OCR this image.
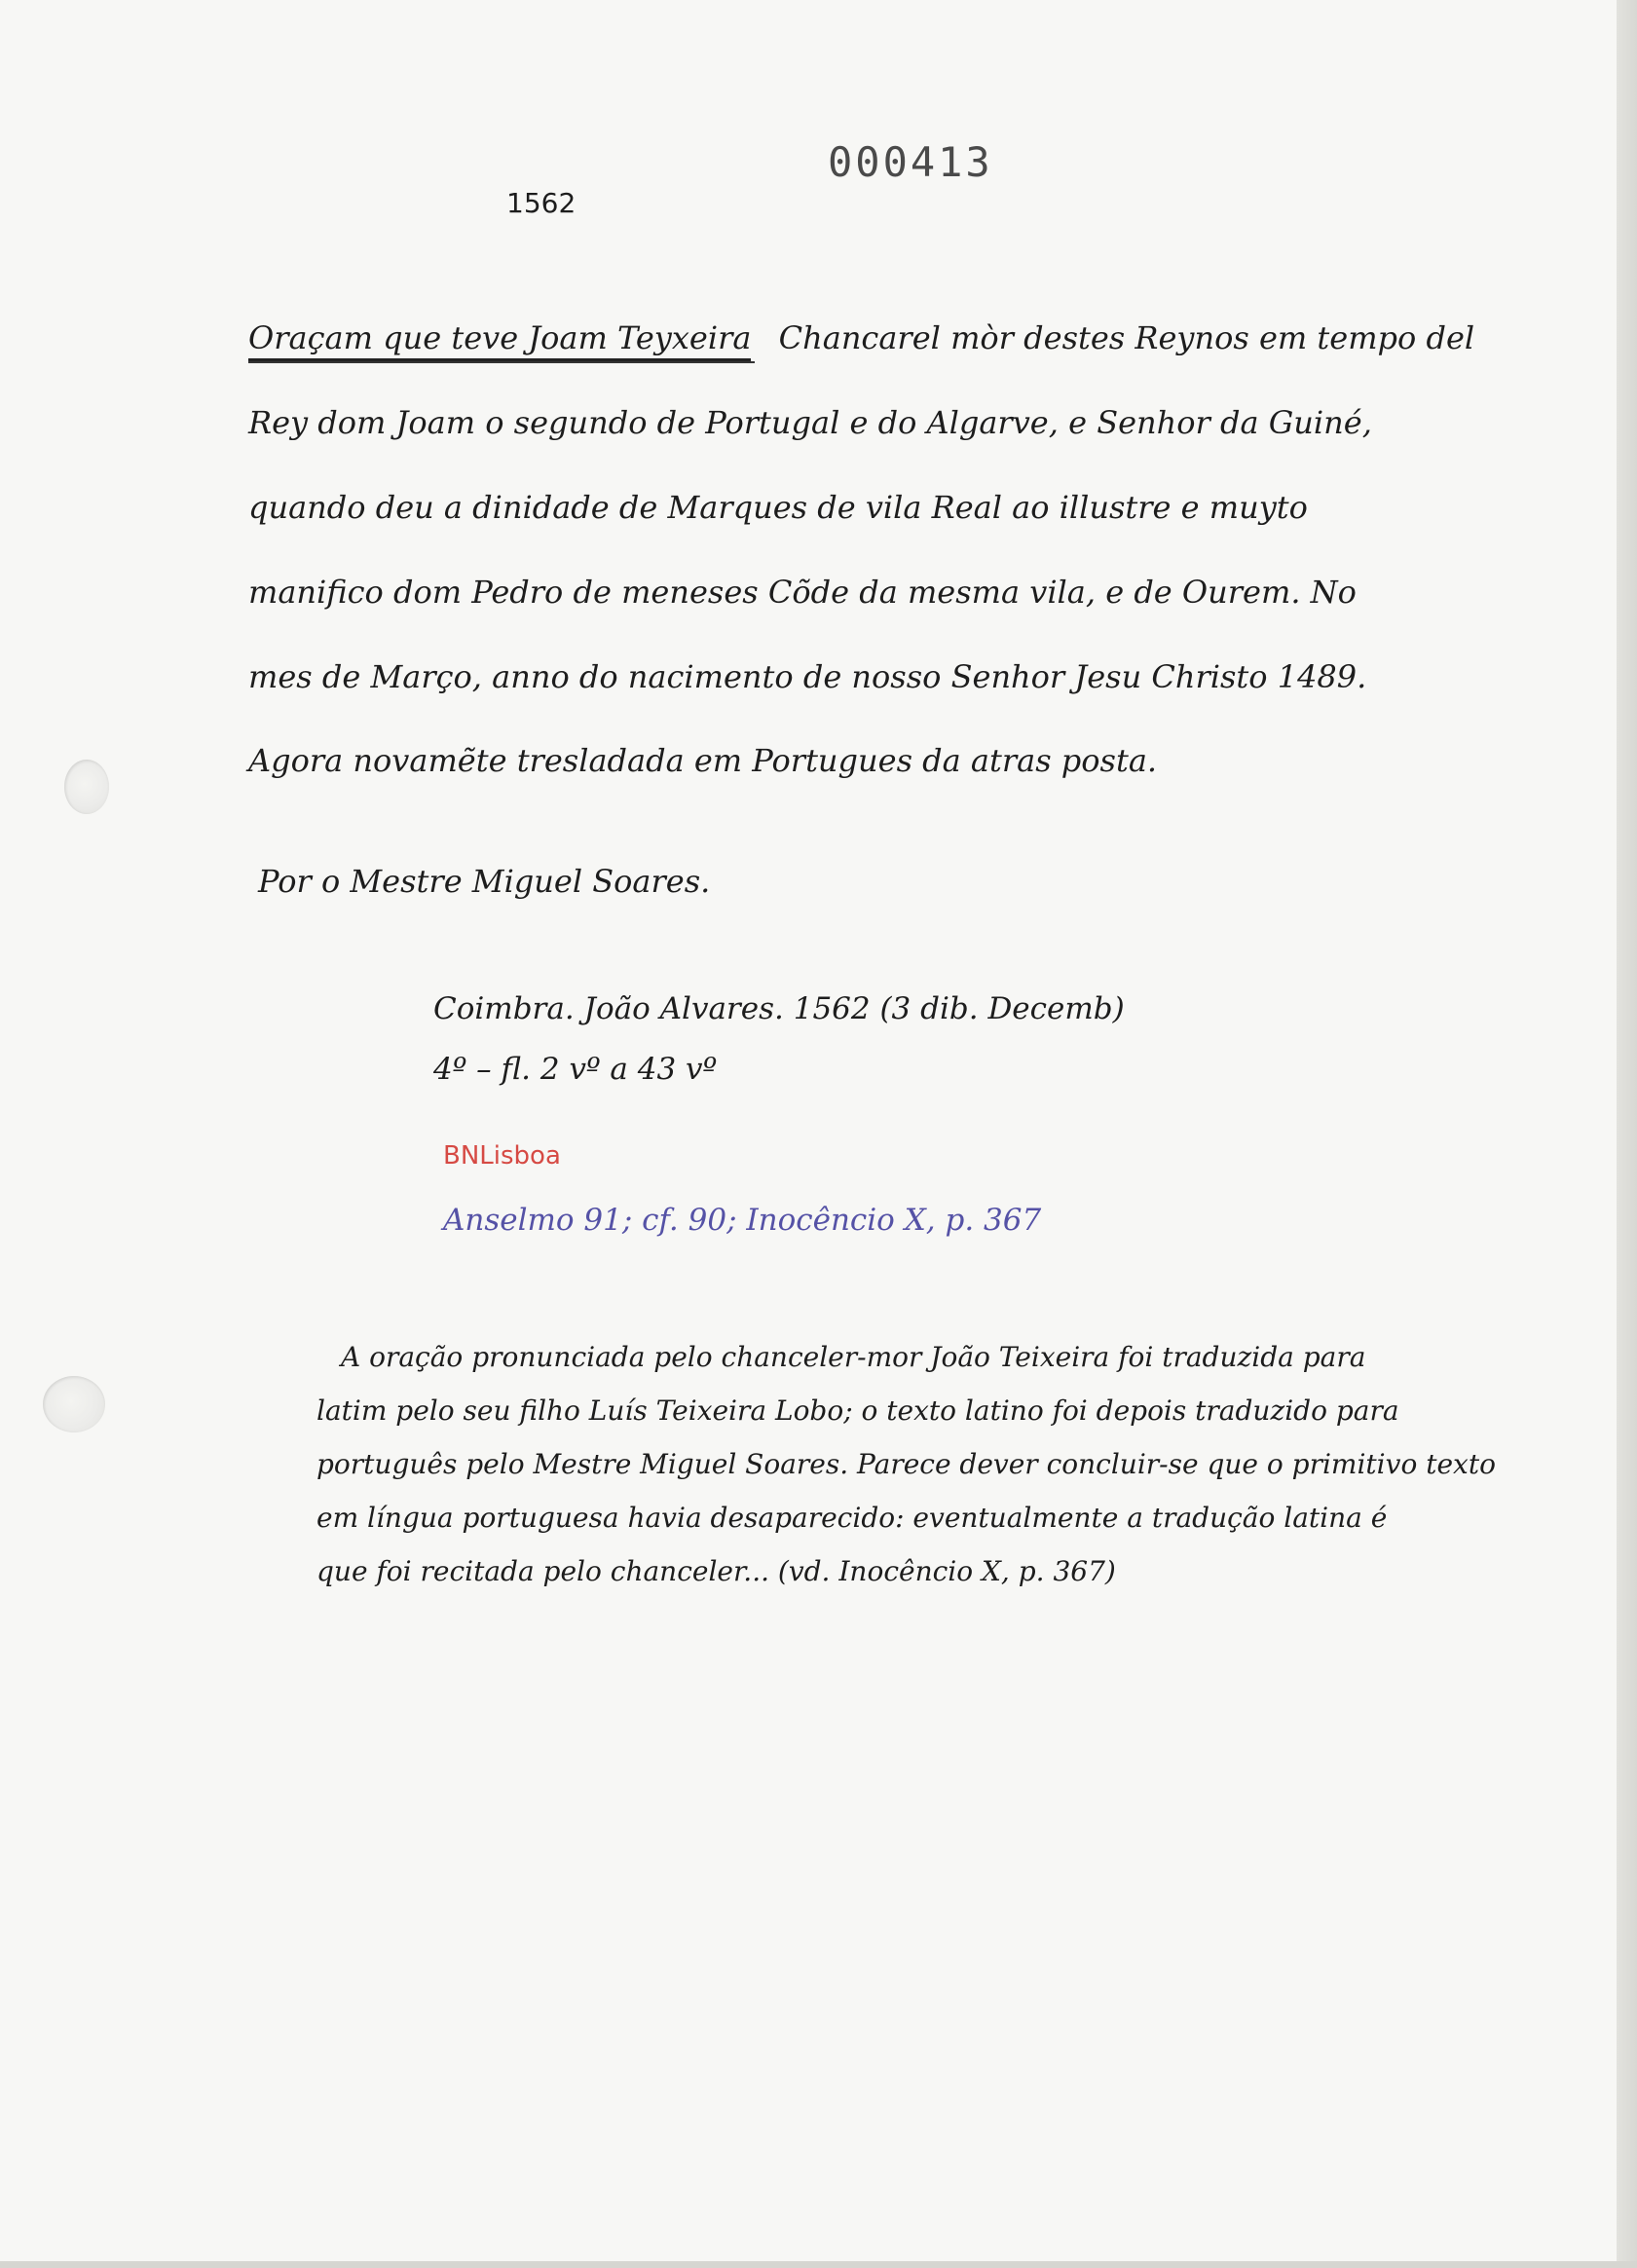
000413
1562
Oraçam que teve Joam Teyxeira Chancarel mòr destes Reynos em tempo del
Rey dom Joam o segundo de Portugal e do Algarve, e Senhor da Guiné,
quando deu a dinidade de Marques de vila Real ao illustre e muyto
manifico dom Pedro de meneses Cõde da mesma vila, e de Ourem. No
mes de Março, anno do nacimento de nosso Senhor Jesu Christo 1489.
Agora novamẽte tresladada em Portugues da atras posta.
Por o Mestre Miguel Soares.
Coimbra. João Alvares. 1562 (3 dib. Decemb)
4º – fl. 2 vº a 43 vº
BNLisboa
Anselmo 91; cf. 90; Inocêncio X, p. 367
A oração pronunciada pelo chanceler-mor João Teixeira foi traduzida para
latim pelo seu filho Luís Teixeira Lobo; o texto latino foi depois traduzido para
português pelo Mestre Miguel Soares. Parece dever concluir-se que o primitivo texto
em língua portuguesa havia desaparecido: eventualmente a tradução latina é
que foi recitada pelo chanceler... (vd. Inocêncio X, p. 367)
